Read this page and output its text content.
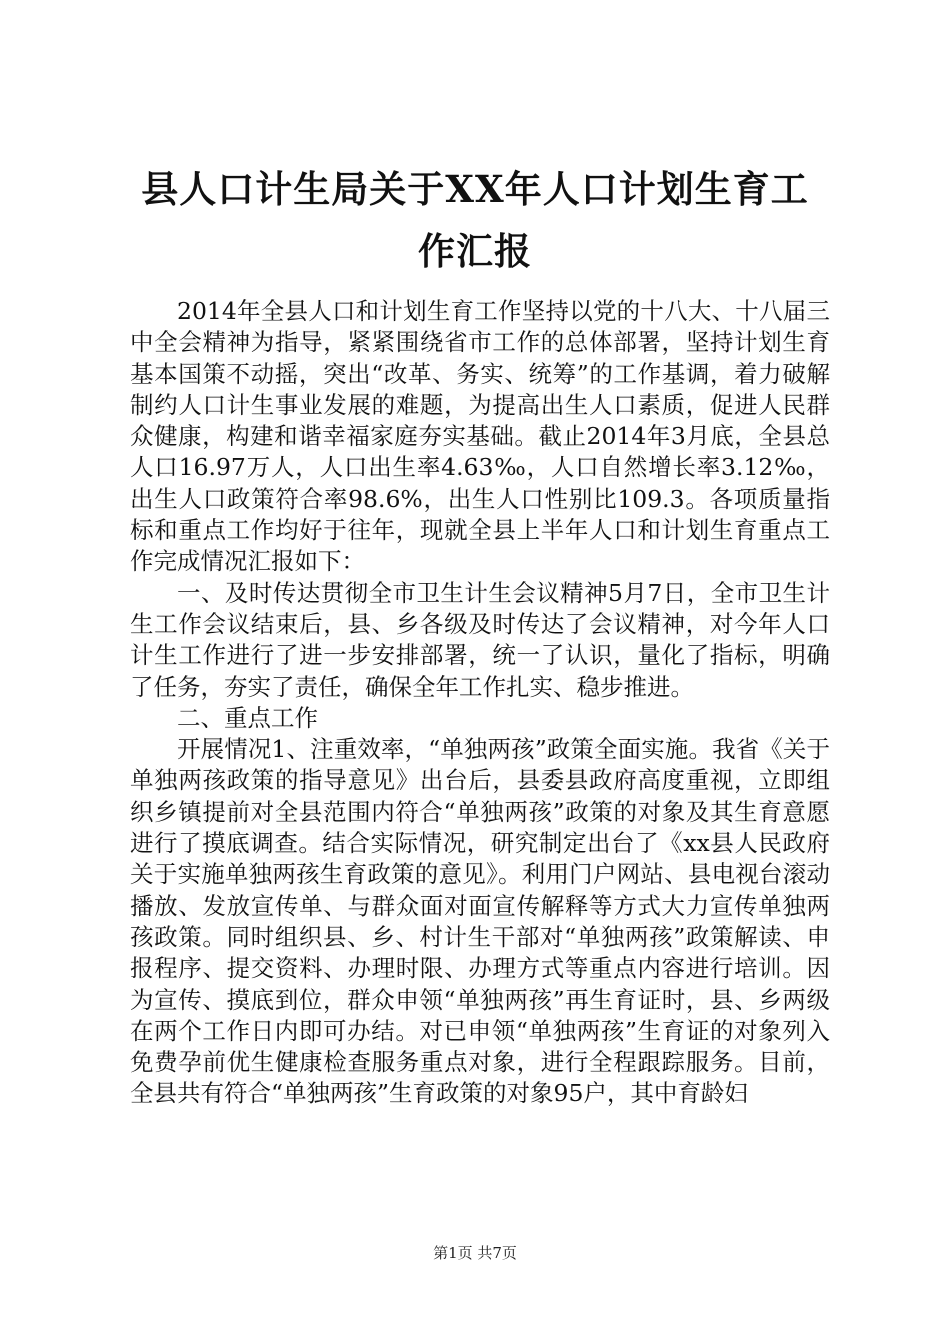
县人口计生局关于XX年人口计划生育工作汇报

2014年全县人口和计划生育工作坚持以党的十八大、十八届三中全会精神为指导，紧紧围绕省市工作的总体部署，坚持计划生育基本国策不动摇，突出“改革、务实、统筹”的工作基调，着力破解制约人口计生事业发展的难题，为提高出生人口素质，促进人民群众健康，构建和谐幸福家庭夯实基础。截止2014年3月底，全县总人口16.97万人，人口出生率4.63‰，人口自然增长率3.12‰，出生人口政策符合率98.6%，出生人口性别比109.3。各项质量指标和重点工作均好于往年，现就全县上半年人口和计划生育重点工作完成情况汇报如下：

一、及时传达贯彻全市卫生计生会议精神5月7日，全市卫生计生工作会议结束后，县、乡各级及时传达了会议精神，对今年人口计生工作进行了进一步安排部署，统一了认识，量化了指标，明确了任务，夯实了责任，确保全年工作扎实、稳步推进。

二、重点工作

开展情况1、注重效率，“单独两孩”政策全面实施。我省《关于单独两孩政策的指导意见》出台后，县委县政府高度重视，立即组织乡镇提前对全县范围内符合“单独两孩”政策的对象及其生育意愿进行了摸底调查。结合实际情况，研究制定出台了《xx县人民政府关于实施单独两孩生育政策的意见》。利用门户网站、县电视台滚动播放、发放宣传单、与群众面对面宣传解释等方式大力宣传单独两孩政策。同时组织县、乡、村计生干部对“单独两孩”政策解读、申报程序、提交资料、办理时限、办理方式等重点内容进行培训。因为宣传、摸底到位，群众申领“单独两孩”再生育证时，县、乡两级在两个工作日内即可办结。对已申领“单独两孩”生育证的对象列入免费孕前优生健康检查服务重点对象，进行全程跟踪服务。目前，全县共有符合“单独两孩”生育政策的对象95户，其中育龄妇

第1页 共7页
